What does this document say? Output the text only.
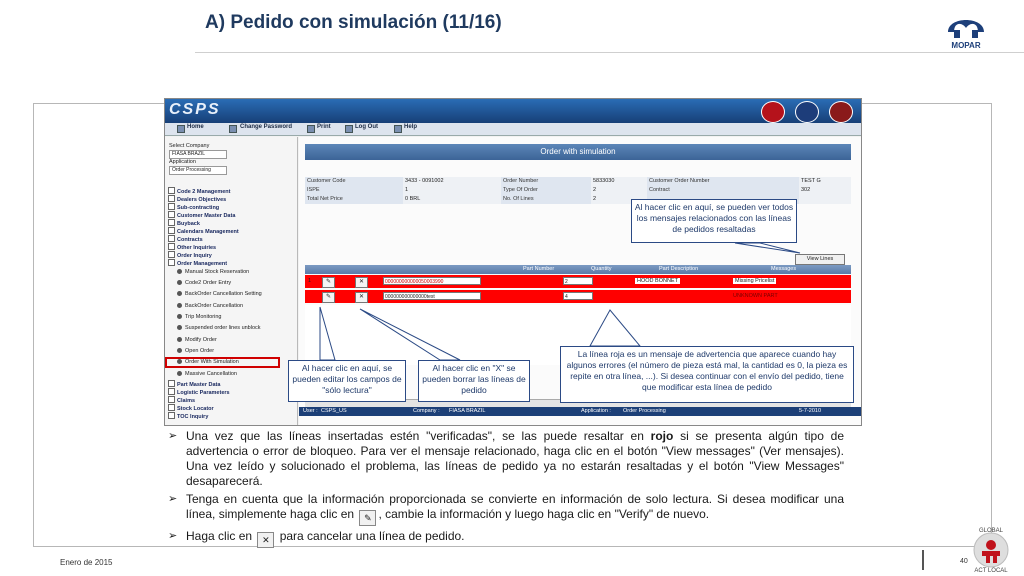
A) Pedido con simulación (11/16)
MOPAR
CSPS
Home	Change Password	Print	Log Out	Help
Select Company
FIASA BRAZIL
Application
Order Processing
Code 2 Management
Dealers Objectives
Sub-contracting
Customer Master Data
Buyback
Calendars Management
Contracts
Other Inquiries
Order Inquiry
Order Management
Manual Stock Reservation
Code2 Order Entry
BackOrder Cancellation Setting
BackOrder Cancellation
Trip Monitoring
Suspended order lines unblock
Modify Order
Open Order
Order With Simulation
Massive Cancellation
Part Master Data
Logistic Parameters
Claims
Stock Locator
TOC Inquiry
Order with simulation
Customer Code	3433 - 0091002	Order Number	5833030	Customer Order Number	TEST G
ISPE	1	Type Of Order	2	Contract	302
Total Net Price	0 BRL	No. Of Lines	2
Part Number	Quantity	Part Description	Messages
1	✎	✕	000000000000050003990	2	HOOD BONNET	Missing Pricelist
✎	✕	000000000000000test	4	UNKNOWN PART
View Lines
User : CSPS_US	Company : FIASA BRAZIL	Application : Order Processing	5-7-2010
Al hacer clic en aquí, se pueden ver todos los mensajes relacionados con las líneas de pedidos resaltadas
Al hacer clic en aquí, se pueden editar los campos de "sólo lectura"
Al hacer clic en "X" se pueden borrar las líneas de pedido
La línea roja es un mensaje de advertencia que aparece cuando hay algunos errores (el número de pieza está mal, la cantidad es 0, la pieza es repite en otra línea, ...). Si desea continuar con el envío del pedido, tiene que modificar esta línea de pedido
➢ Una vez que las líneas insertadas estén "verificadas", se las puede resaltar en rojo si se presenta algún tipo de advertencia o error de bloqueo. Para ver el mensaje relacionado, haga clic en el botón "View messages" (Ver mensajes). Una vez leído y solucionado el problema, las líneas de pedido ya no estarán resaltadas y el botón "View Messages" desaparecerá.
➢ Tenga en cuenta que la información proporcionada se convierte en información de solo lectura. Si desea modificar una línea, simplemente haga clic en ✎ , cambie la información y luego haga clic en "Verify" de nuevo.
➢ Haga clic en ✕ para cancelar una línea de pedido.
Enero de 2015	40
GLOBAL
ACT LOCAL
